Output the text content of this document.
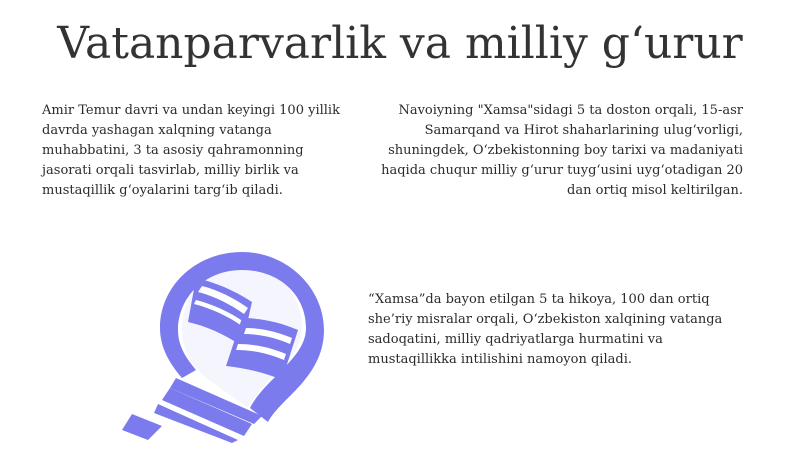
Vatanparvarlik va milliy g‘urur
Amir Temur davri va undan keyingi 100 yillik davrda yashagan xalqning vatanga muhabbatini, 3 ta asosiy qahramonning jasorati orqali tasvirlab, milliy birlik va mustaqillik g‘oyalarini targ‘ib qiladi.
Navoiyning "Xamsa"sidagi 5 ta doston orqali, 15-asr Samarqand va Hirot shaharlarining ulug‘vorligi, shuningdek, O‘zbekistonning boy tarixi va madaniyati haqida chuqur milliy g‘urur tuyg‘usini uyg‘otadigan 20 dan ortiq misol keltirilgan.
“Xamsa”da bayon etilgan 5 ta hikoya, 100 dan ortiq she’riy misralar orqali, O‘zbekiston xalqining vatanga sadoqatini, milliy qadriyatlarga hurmatini va mustaqillikka intilishini namoyon qiladi.
